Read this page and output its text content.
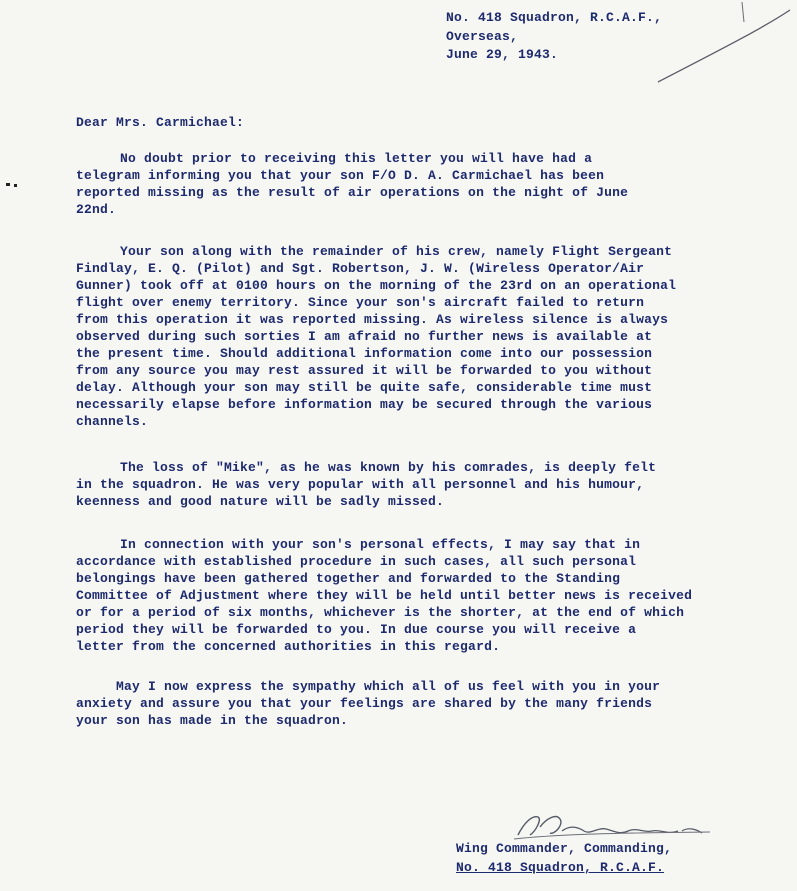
No. 418 Squadron, R.C.A.F.,
Overseas,
June 29, 1943.
Dear Mrs. Carmichael:
No doubt prior to receiving this letter you will have had a
telegram informing you that your son F/O D. A. Carmichael has been
reported missing as the result of air operations on the night of June
22nd.
Your son along with the remainder of his crew, namely Flight Sergeant
Findlay, E. Q. (Pilot) and Sgt. Robertson, J. W. (Wireless Operator/Air
Gunner) took off at 0100 hours on the morning of the 23rd on an operational
flight over enemy territory. Since your son's aircraft failed to return
from this operation it was reported missing. As wireless silence is always
observed during such sorties I am afraid no further news is available at
the present time. Should additional information come into our possession
from any source you may rest assured it will be forwarded to you without
delay. Although your son may still be quite safe, considerable time must
necessarily elapse before information may be secured through the various
channels.
The loss of "Mike", as he was known by his comrades, is deeply felt
in the squadron. He was very popular with all personnel and his humour,
keenness and good nature will be sadly missed.
In connection with your son's personal effects, I may say that in
accordance with established procedure in such cases, all such personal
belongings have been gathered together and forwarded to the Standing
Committee of Adjustment where they will be held until better news is received
or for a period of six months, whichever is the shorter, at the end of which
period they will be forwarded to you. In due course you will receive a
letter from the concerned authorities in this regard.
May I now express the sympathy which all of us feel with you in your
anxiety and assure you that your feelings are shared by the many friends
your son has made in the squadron.
Wing Commander, Commanding,
No. 418 Squadron, R.C.A.F.
